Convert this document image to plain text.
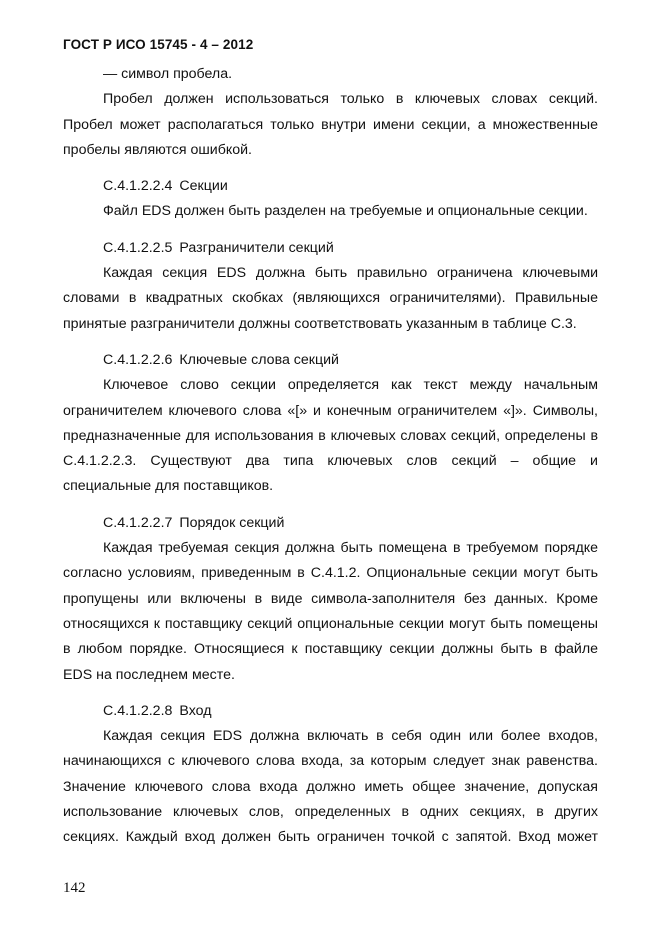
ГОСТ Р ИСО 15745 - 4 – 2012

— символ пробела.

Пробел должен использоваться только в ключевых словах секций. Пробел может располагаться только внутри имени секции, а множественные пробелы являются ошибкой.

C.4.1.2.2.4 Секции

Файл EDS должен быть разделен на требуемые и опциональные секции.

C.4.1.2.2.5 Разграничители секций

Каждая секция EDS должна быть правильно ограничена ключевыми словами в квадратных скобках (являющихся ограничителями). Правильные принятые разграничители должны соответствовать указанным в таблице С.3.

C.4.1.2.2.6 Ключевые слова секций

Ключевое слово секции определяется как текст между начальным ограничителем ключевого слова «[» и конечным ограничителем «]». Символы, предназначенные для использования в ключевых словах секций, определены в С.4.1.2.2.3. Существуют два типа ключевых слов секций – общие и специальные для поставщиков.

C.4.1.2.2.7 Порядок секций

Каждая требуемая секция должна быть помещена в требуемом порядке согласно условиям, приведенным в С.4.1.2. Опциональные секции могут быть пропущены или включены в виде символа-заполнителя без данных. Кроме относящихся к поставщику секций опциональные секции могут быть помещены в любом порядке. Относящиеся к поставщику секции должны быть в файле EDS на последнем месте.

C.4.1.2.2.8 Вход

Каждая секция EDS должна включать в себя один или более входов, начинающихся с ключевого слова входа, за которым следует знак равенства. Значение ключевого слова входа должно иметь общее значение, допуская использование ключевых слов, определенных в одних секциях, в других секциях. Каждый вход должен быть ограничен точкой с запятой. Вход может

142
